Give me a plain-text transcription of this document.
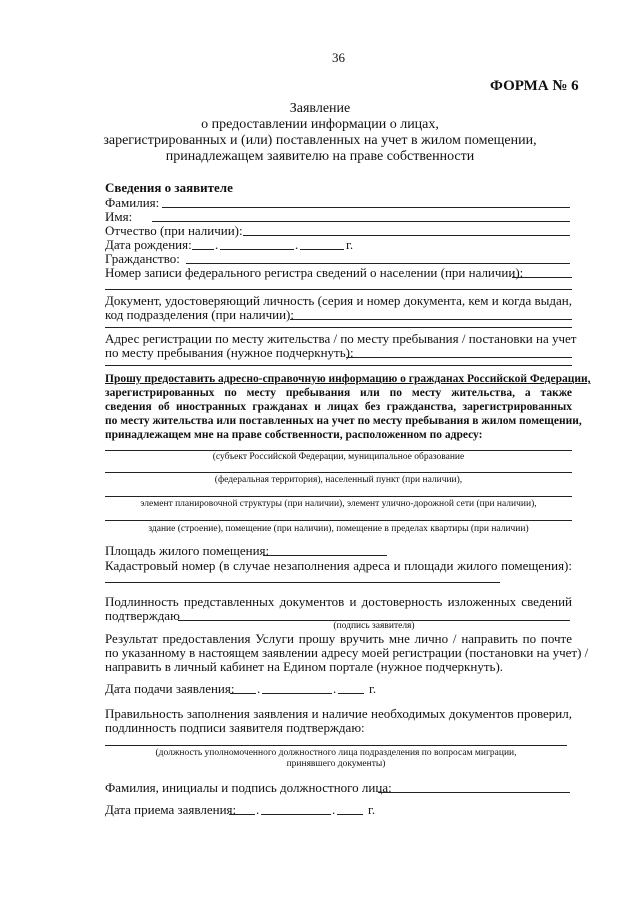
36
ФОРМА № 6
Заявление
о предоставлении информации о лицах,
зарегистрированных и (или) поставленных на учет в жилом помещении,
принадлежащем заявителю на праве собственности
Сведения о заявителе
Фамилия:
Имя:
Отчество (при наличии):
Дата рождения: .	.	г.
Гражданство:
Номер записи федерального регистра сведений о населении (при наличии):
Документ, удостоверяющий личность (серия и номер документа, кем и когда выдан,
код подразделения (при наличии):
Адрес регистрации по месту жительства / по месту пребывания / постановки на учет
по месту пребывания (нужное подчеркнуть):
Прошу предоставить адресно-справочную информацию о гражданах Российской Федерации,
зарегистрированных по месту пребывания или по месту жительства, а также
сведения об иностранных гражданах и лицах без гражданства, зарегистрированных
по месту жительства или поставленных на учет по месту пребывания в жилом помещении,
принадлежащем мне на праве собственности, расположенном по адресу:
(субъект Российской Федерации, муниципальное образование
(федеральная территория), населенный пункт (при наличии),
элемент планировочной структуры (при наличии), элемент улично-дорожной сети (при наличии),
здание (строение), помещение (при наличии), помещение в пределах квартиры (при наличии)
Площадь жилого помещения:
Кадастровый номер (в случае незаполнения адреса и площади жилого помещения):
Подлинность представленных документов и достоверность изложенных сведений
подтверждаю
(подпись заявителя)
Результат предоставления Услуги прошу вручить мне лично / направить по почте
по указанному в настоящем заявлении адресу моей регистрации (постановки на учет) /
направить в личный кабинет на Едином портале (нужное подчеркнуть).
Дата подачи заявления: .	.	г.
Правильность заполнения заявления и наличие необходимых документов проверил,
подлинность подписи заявителя подтверждаю:
(должность уполномоченного должностного лица подразделения по вопросам миграции,
принявшего документы)
Фамилия, инициалы и подпись должностного лица:
Дата приема заявления: .	.	г.
